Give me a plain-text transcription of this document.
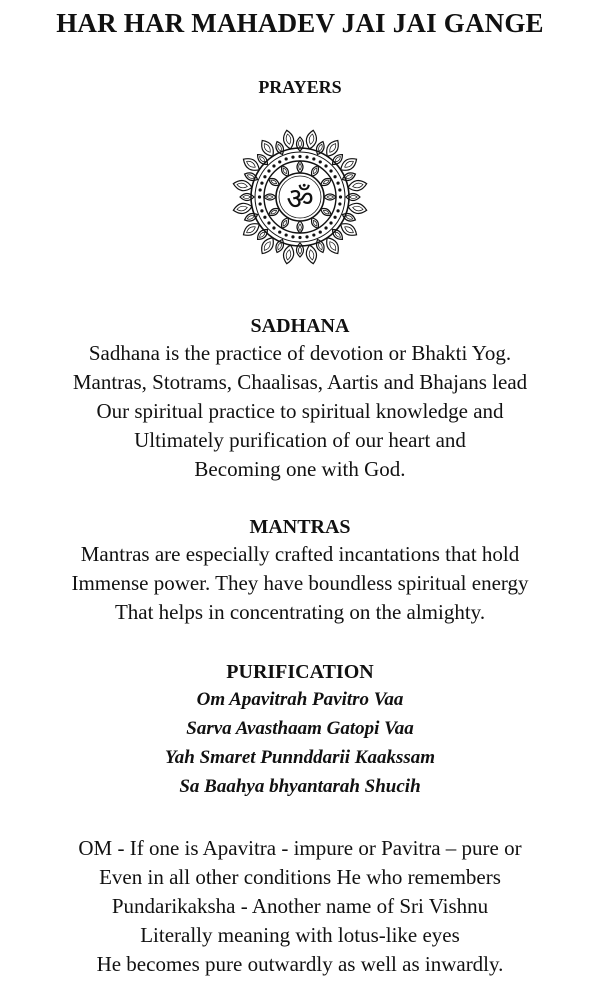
HAR HAR MAHADEV JAI JAI GANGE
PRAYERS
ॐ
SADHANA

Sadhana is the practice of devotion or Bhakti Yog.

Mantras, Stotrams, Chaalisas, Aartis and Bhajans lead

Our spiritual practice to spiritual knowledge and

Ultimately purification of our heart and

Becoming one with God.

MANTRAS

Mantras are especially crafted incantations that hold

Immense power. They have boundless spiritual energy

That helps in concentrating on the almighty.

PURIFICATION

Om Apavitrah Pavitro Vaa

Sarva Avasthaam Gatopi Vaa

Yah Smaret Punnddarii Kaakssam

Sa Baahya bhyantarah Shucih

OM - If one is Apavitra - impure or Pavitra – pure or

Even in all other conditions He who remembers

Pundarikaksha - Another name of Sri Vishnu

Literally meaning with lotus-like eyes

He becomes pure outwardly as well as inwardly.
